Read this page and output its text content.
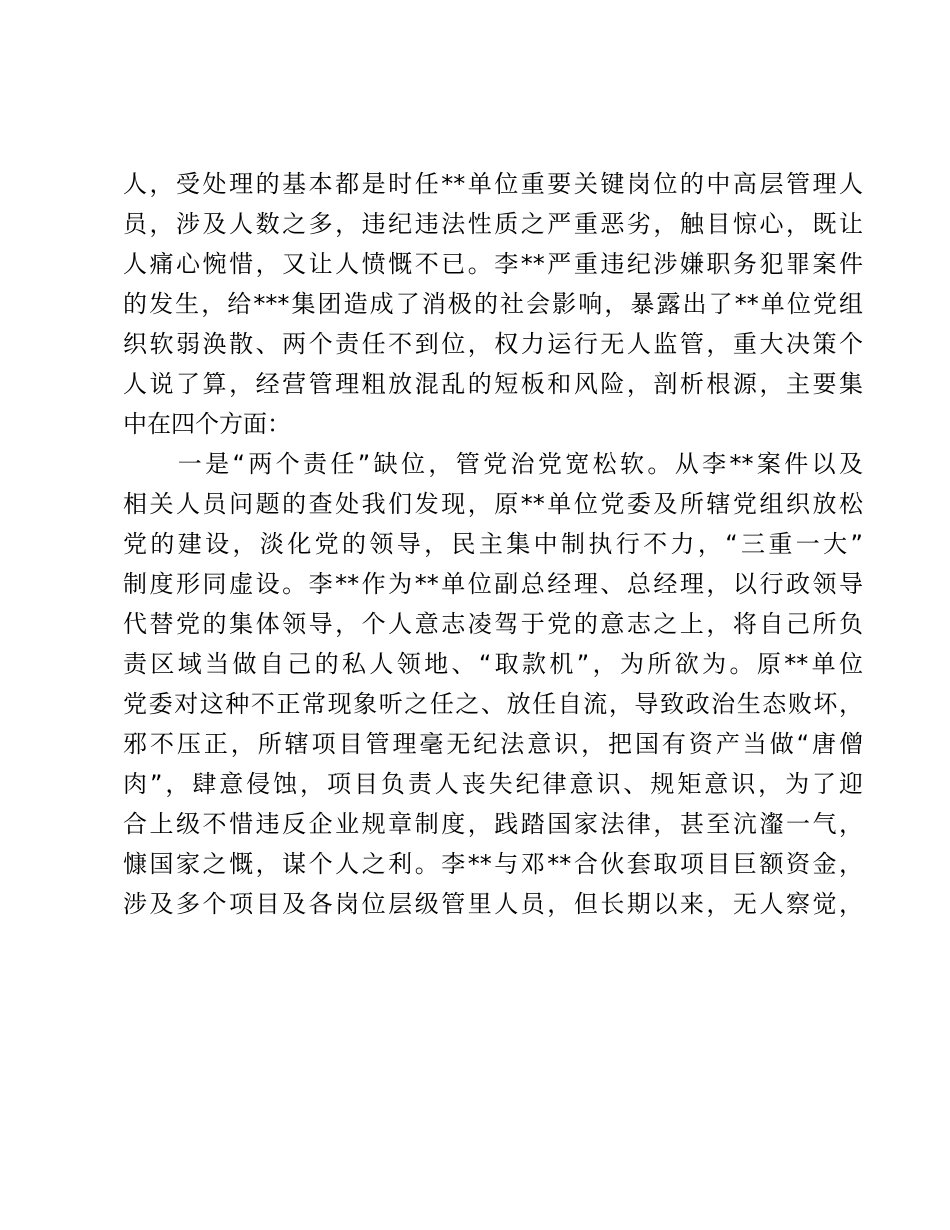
人，受处理的基本都是时任**单位重要关键岗位的中高层管理人
员，涉及人数之多，违纪违法性质之严重恶劣，触目惊心，既让
人痛心惋惜，又让人愤慨不已。李**严重违纪涉嫌职务犯罪案件
的发生，给***集团造成了消极的社会影响，暴露出了**单位党组
织软弱涣散、两个责任不到位，权力运行无人监管，重大决策个
人说了算，经营管理粗放混乱的短板和风险，剖析根源，主要集
中在四个方面：
　　一是“两个责任”缺位，管党治党宽松软。从李**案件以及
相关人员问题的查处我们发现，原**单位党委及所辖党组织放松
党的建设，淡化党的领导，民主集中制执行不力，“三重一大”
制度形同虚设。李**作为**单位副总经理、总经理，以行政领导
代替党的集体领导，个人意志凌驾于党的意志之上，将自己所负
责区域当做自己的私人领地、“取款机”，为所欲为。原**单位
党委对这种不正常现象听之任之、放任自流，导致政治生态败坏，
邪不压正，所辖项目管理毫无纪法意识，把国有资产当做“唐僧
肉”，肆意侵蚀，项目负责人丧失纪律意识、规矩意识，为了迎
合上级不惜违反企业规章制度，践踏国家法律，甚至沆瀣一气，
慷国家之慨，谋个人之利。李**与邓**合伙套取项目巨额资金，
涉及多个项目及各岗位层级管里人员，但长期以来，无人察觉，
